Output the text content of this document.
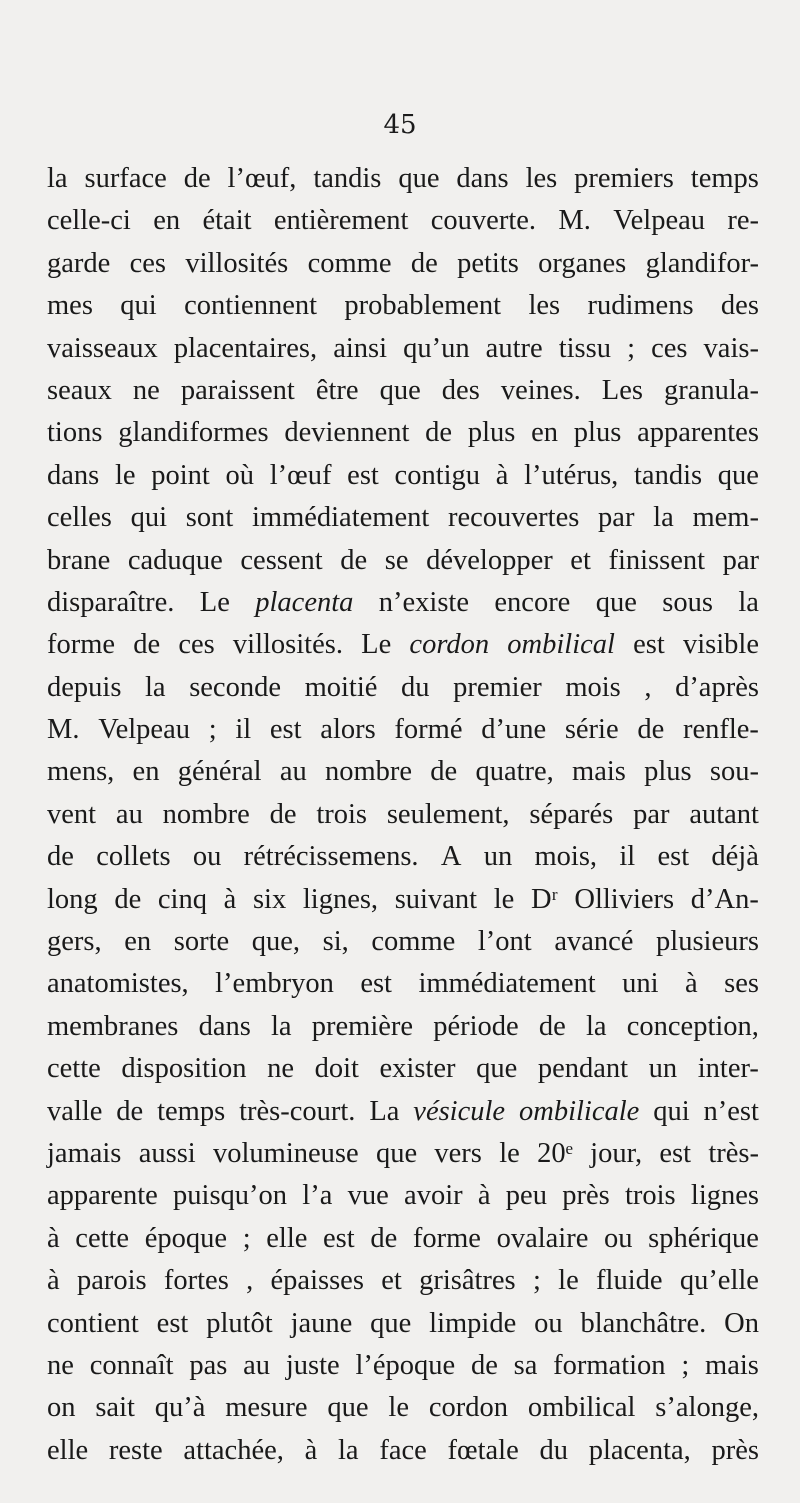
45
la surface de l’œuf, tandis que dans les premiers temps
celle-ci en était entièrement couverte. M. Velpeau re-
garde ces villosités comme de petits organes glandifor-
mes qui contiennent probablement les rudimens des
vaisseaux placentaires, ainsi qu’un autre tissu ; ces vais-
seaux ne paraissent être que des veines. Les granula-
tions glandiformes deviennent de plus en plus apparentes
dans le point où l’œuf est contigu à l’utérus, tandis que
celles qui sont immédiatement recouvertes par la mem-
brane caduque cessent de se développer et finissent par
disparaître. Le placenta n’existe encore que sous la
forme de ces villosités. Le cordon ombilical est visible
depuis la seconde moitié du premier mois , d’après
M. Velpeau ; il est alors formé d’une série de renfle-
mens, en général au nombre de quatre, mais plus sou-
vent au nombre de trois seulement, séparés par autant
de collets ou rétrécissemens. A un mois, il est déjà
long de cinq à six lignes, suivant le Dʳ Olliviers d’An-
gers, en sorte que, si, comme l’ont avancé plusieurs
anatomistes, l’embryon est immédiatement uni à ses
membranes dans la première période de la conception,
cette disposition ne doit exister que pendant un inter-
valle de temps très-court. La vésicule ombilicale qui n’est
jamais aussi volumineuse que vers le 20ᵉ jour, est très-
apparente puisqu’on l’a vue avoir à peu près trois lignes
à cette époque ; elle est de forme ovalaire ou sphérique
à parois fortes , épaisses et grisâtres ; le fluide qu’elle
contient est plutôt jaune que limpide ou blanchâtre. On
ne connaît pas au juste l’époque de sa formation ; mais
on sait qu’à mesure que le cordon ombilical s’alonge,
elle reste attachée, à la face fœtale du placenta, près
